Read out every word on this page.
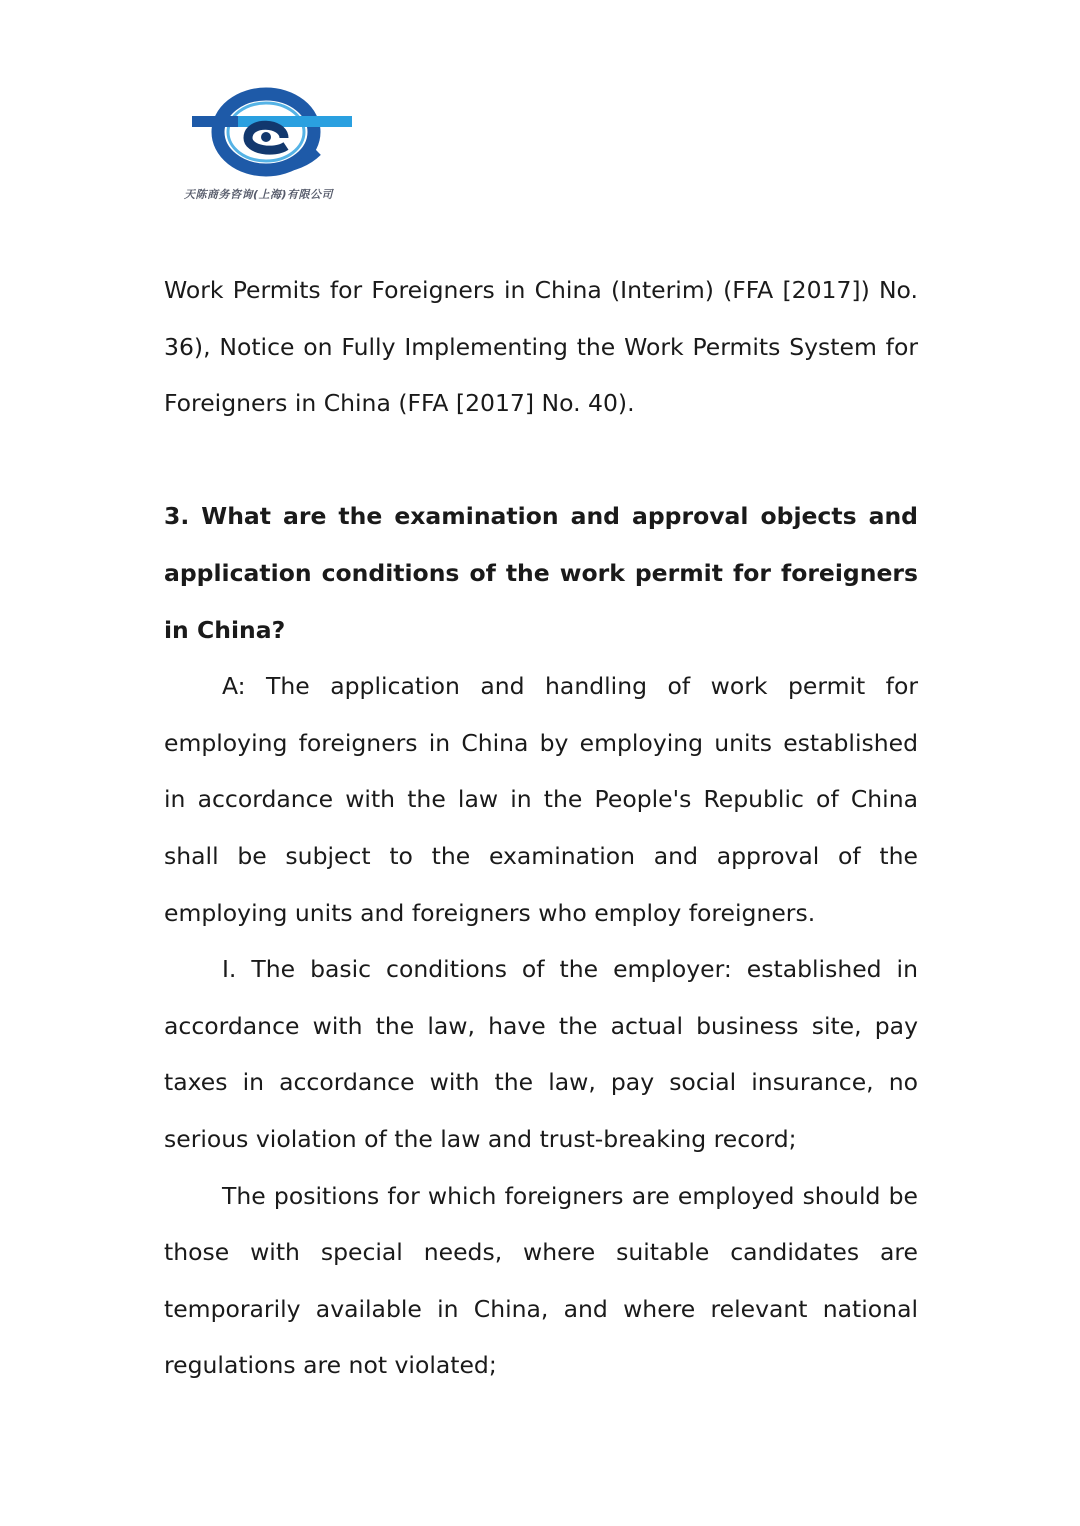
天陈商务咨询(上海)有限公司

Work Permits for Foreigners in China (Interim) (FFA [2017]) No. 36), Notice on Fully Implementing the Work Permits System for Foreigners in China (FFA [2017] No. 40).

3. What are the examination and approval objects and application conditions of the work permit for foreigners in China?

A: The application and handling of work permit for employing foreigners in China by employing units established in accordance with the law in the People's Republic of China shall be subject to the examination and approval of the employing units and foreigners who employ foreigners.

I. The basic conditions of the employer: established in accordance with the law, have the actual business site, pay taxes in accordance with the law, pay social insurance, no serious violation of the law and trust-breaking record;

The positions for which foreigners are employed should be those with special needs, where suitable candidates are temporarily available in China, and where relevant national regulations are not violated;
